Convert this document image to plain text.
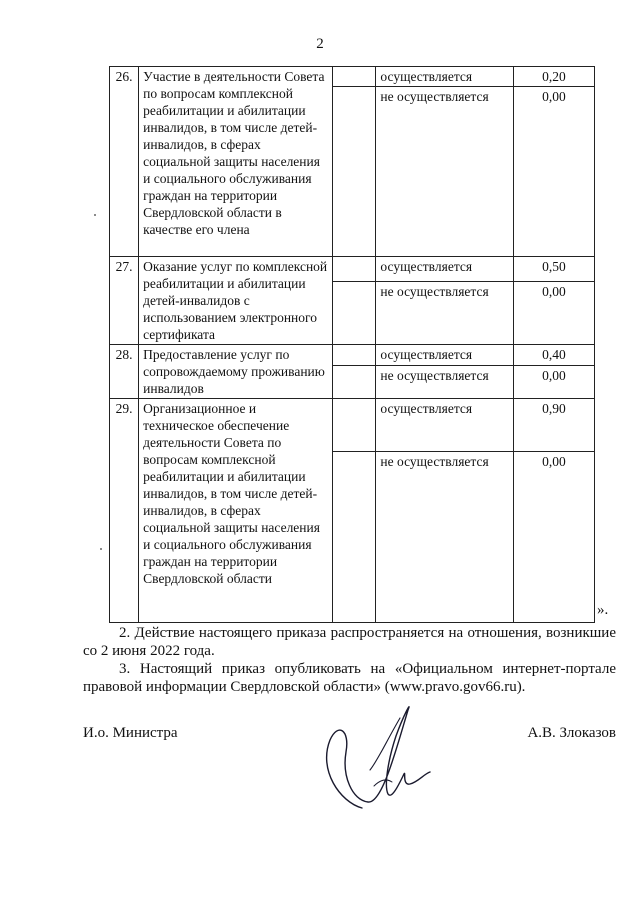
2
26.	Участие в деятельности Совета по вопросам комплексной реабилитации и абилитации инвалидов, в том числе детей-инвалидов, в сферах социальной защиты населения и социального обслуживания граждан на территории Свердловской области в качестве его члена		осуществляется	0,20
			не осуществляется	0,00
27.	Оказание услуг по комплексной реабилитации и абилитации детей-инвалидов с использованием электронного сертификата		осуществляется	0,50
			не осуществляется	0,00
28.	Предоставление услуг по сопровождаемому проживанию инвалидов		осуществляется	0,40
			не осуществляется	0,00
29.	Организационное и техническое обеспечение деятельности Совета по вопросам комплексной реабилитации и абилитации инвалидов, в том числе детей-инвалидов, в сферах социальной защиты населения и социального обслуживания граждан на территории Свердловской области		осуществляется	0,90
			не осуществляется	0,00
».
2. Действие настоящего приказа распространяется на отношения, возникшие со 2 июня 2022 года.
3. Настоящий приказ опубликовать на «Официальном интернет-портале правовой информации Свердловской области» (www.pravo.gov66.ru).
И.о. Министра	А.В. Злоказов
